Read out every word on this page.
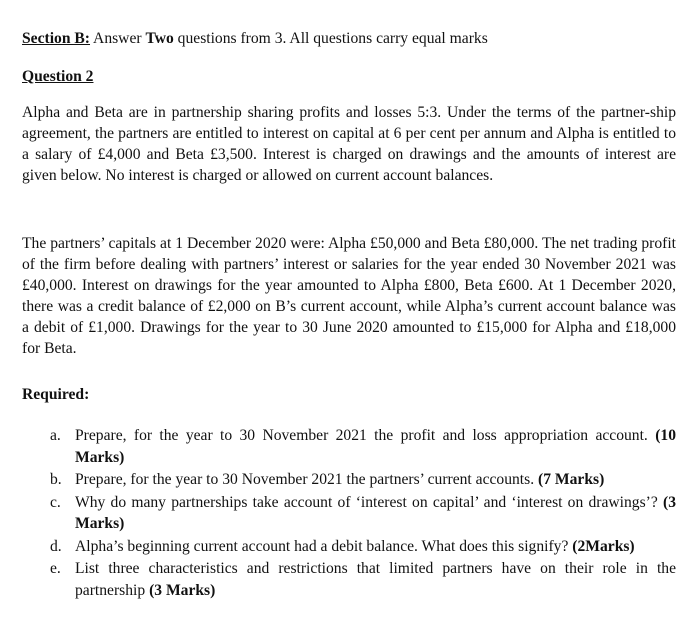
Section B: Answer Two questions from 3. All questions carry equal marks
Question 2

Alpha and Beta are in partnership sharing profits and losses 5:3. Under the terms of the partner-ship agreement, the partners are entitled to interest on capital at 6 per cent per annum and Alpha is entitled to a salary of £4,000 and Beta £3,500. Interest is charged on drawings and the amounts of interest are given below. No interest is charged or allowed on current account balances.

The partners’ capitals at 1 December 2020 were: Alpha £50,000 and Beta £80,000. The net trading profit of the firm before dealing with partners’ interest or salaries for the year ended 30 November 2021 was £40,000. Interest on drawings for the year amounted to Alpha £800, Beta £600. At 1 December 2020, there was a credit balance of £2,000 on B’s current account, while Alpha’s current account balance was a debit of £1,000. Drawings for the year to 30 June 2020 amounted to £15,000 for Alpha and £18,000 for Beta.

Required:
a. Prepare, for the year to 30 November 2021 the profit and loss appropriation account. (10 Marks)
b. Prepare, for the year to 30 November 2021 the partners’ current accounts. (7 Marks)
c. Why do many partnerships take account of ‘interest on capital’ and ‘interest on drawings’? (3 Marks)
d. Alpha’s beginning current account had a debit balance. What does this signify? (2Marks)
e. List three characteristics and restrictions that limited partners have on their role in the partnership (3 Marks)
